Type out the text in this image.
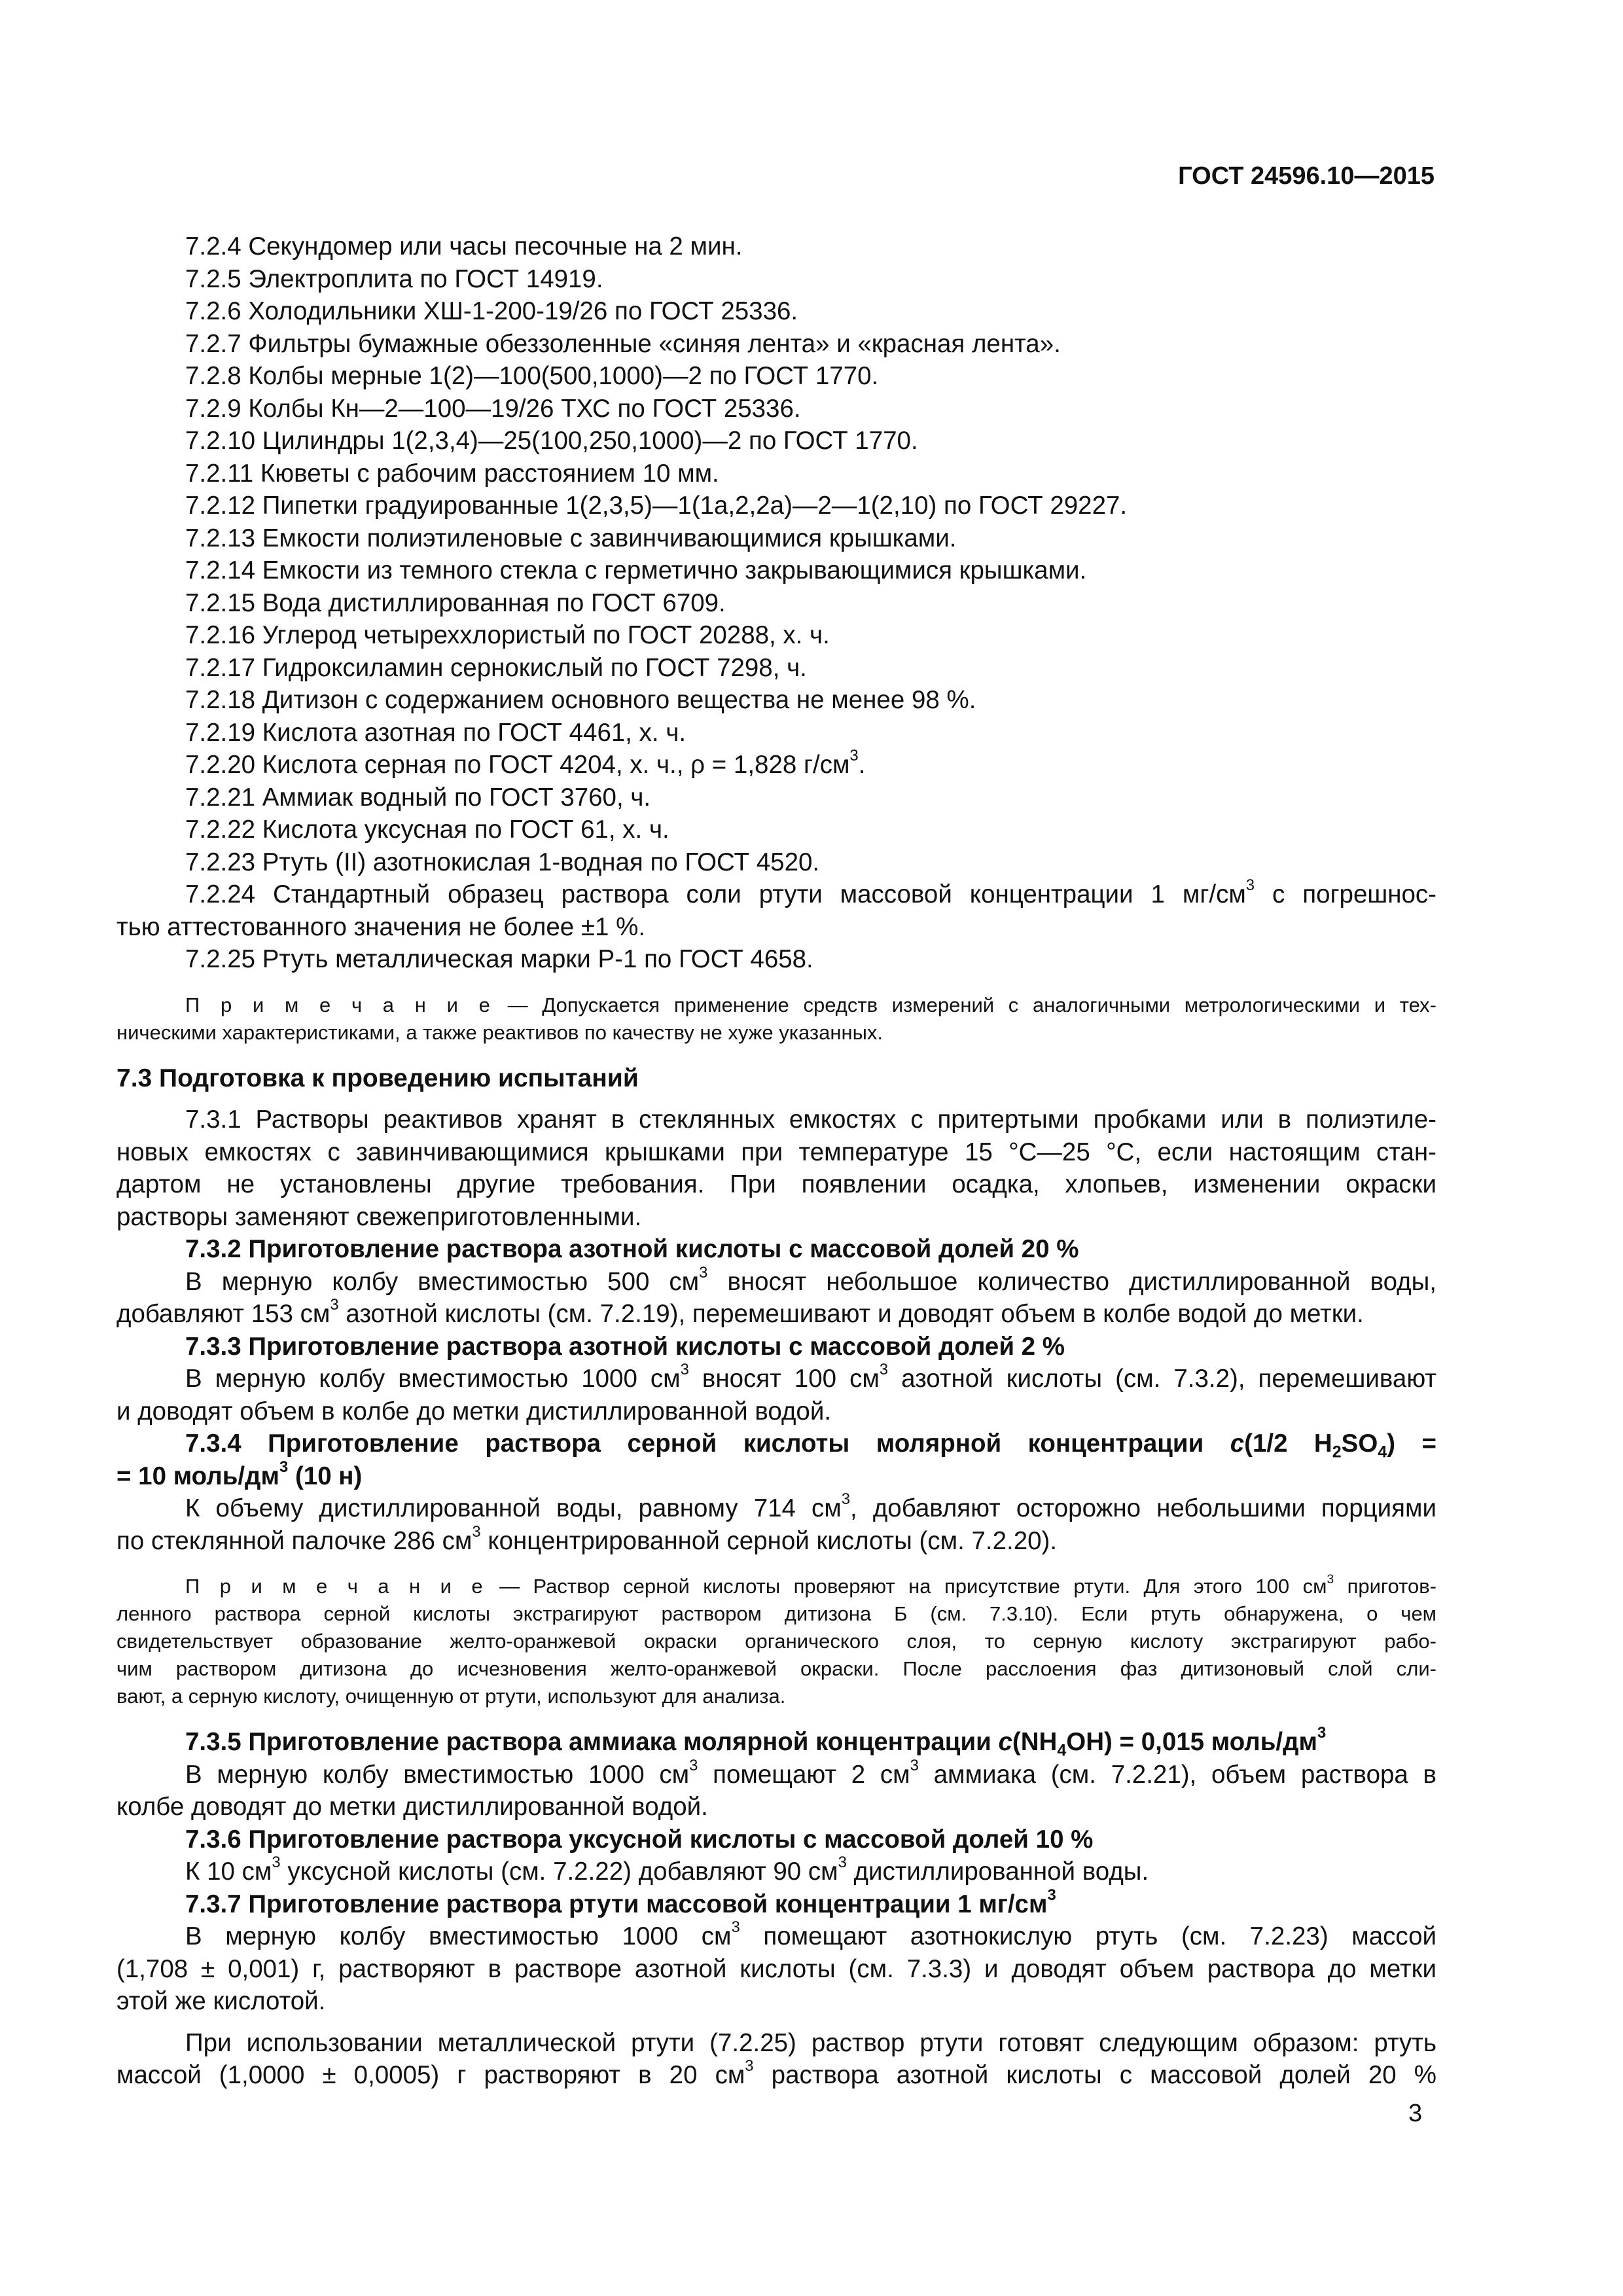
ГОСТ 24596.10—2015
7.2.4 Секундомер или часы песочные на 2 мин.
7.2.5 Электроплита по ГОСТ 14919.
7.2.6 Холодильники ХШ-1-200-19/26 по ГОСТ 25336.
7.2.7 Фильтры бумажные обеззоленные «синяя лента» и «красная лента».
7.2.8 Колбы мерные 1(2)—100(500,1000)—2 по ГОСТ 1770.
7.2.9 Колбы Кн—2—100—19/26 ТХС по ГОСТ 25336.
7.2.10 Цилиндры 1(2,3,4)—25(100,250,1000)—2 по ГОСТ 1770.
7.2.11 Кюветы с рабочим расстоянием 10 мм.
7.2.12 Пипетки градуированные 1(2,3,5)—1(1а,2,2а)—2—1(2,10) по ГОСТ 29227.
7.2.13 Емкости полиэтиленовые с завинчивающимися крышками.
7.2.14 Емкости из темного стекла с герметично закрывающимися крышками.
7.2.15 Вода дистиллированная по ГОСТ 6709.
7.2.16 Углерод четыреххлористый по ГОСТ 20288, х. ч.
7.2.17 Гидроксиламин сернокислый по ГОСТ 7298, ч.
7.2.18 Дитизон с содержанием основного вещества не менее 98 %.
7.2.19 Кислота азотная по ГОСТ 4461, х. ч.
7.2.20 Кислота серная по ГОСТ 4204, х. ч., ρ = 1,828 $г/см^3$.
7.2.21 Аммиак водный по ГОСТ 3760, ч.
7.2.22 Кислота уксусная по ГОСТ 61, х. ч.
7.2.23 Ртуть (II) азотнокислая 1-водная по ГОСТ 4520.
7.2.24 Стандартный образец раствора соли ртути массовой концентрации 1 $мг/см^3$ с погрешнос-
тью аттестованного значения не более ±1 %.
7.2.25 Ртуть металлическая марки Р-1 по ГОСТ 4658.
П р и м е ч а н и е — Допускается применение средств измерений с аналогичными метрологическими и тех-
ническими характеристиками, а также реактивов по качеству не хуже указанных.
7.3 Подготовка к проведению испытаний
7.3.1 Растворы реактивов хранят в стеклянных емкостях с притертыми пробками или в полиэтиле-
новых емкостях с завинчивающимися крышками при температуре 15 °С—25 °С, если настоящим стан-
дартом не установлены другие требования. При появлении осадка, хлопьев, изменении окраски
растворы заменяют свежеприготовленными.
7.3.2 Приготовление раствора азотной кислоты с массовой долей 20 %
В мерную колбу вместимостью 500 $см^3$ вносят небольшое количество дистиллированной воды,
добавляют 153 $см^3$ азотной кислоты (см. 7.2.19), перемешивают и доводят объем в колбе водой до метки.
7.3.3 Приготовление раствора азотной кислоты с массовой долей 2 %
В мерную колбу вместимостью 1000 $см^3$ вносят 100 $см^3$ азотной кислоты (см. 7.3.2), перемешивают
и доводят объем в колбе до метки дистиллированной водой.
7.3.4 Приготовление раствора серной кислоты молярной концентрации c(1/2 $H_2SO_4$) =
= 10 моль/$дм^3$ (10 н)
К объему дистиллированной воды, равному 714 $см^3$, добавляют осторожно небольшими порциями
по стеклянной палочке 286 $см^3$ концентрированной серной кислоты (см. 7.2.20).
П р и м е ч а н и е — Раствор серной кислоты проверяют на присутствие ртути. Для этого 100 $см^3$ приготов-
ленного раствора серной кислоты экстрагируют раствором дитизона Б (см. 7.3.10). Если ртуть обнаружена, о чем
свидетельствует образование желто-оранжевой окраски органического слоя, то серную кислоту экстрагируют рабо-
чим раствором дитизона до исчезновения желто-оранжевой окраски. После расслоения фаз дитизоновый слой сли-
вают, а серную кислоту, очищенную от ртути, используют для анализа.
7.3.5 Приготовление раствора аммиака молярной концентрации $c(NH_4OH) = 0,015$ моль/$дм^3$
В мерную колбу вместимостью 1000 $см^3$ помещают 2 $см^3$ аммиака (см. 7.2.21), объем раствора в
колбе доводят до метки дистиллированной водой.
7.3.6 Приготовление раствора уксусной кислоты с массовой долей 10 %
К 10 $см^3$ уксусной кислоты (см. 7.2.22) добавляют 90 $см^3$ дистиллированной воды.
7.3.7 Приготовление раствора ртути массовой концентрации 1 $мг/см^3$
В мерную колбу вместимостью 1000 $см^3$ помещают азотнокислую ртуть (см. 7.2.23) массой
(1,708 ± 0,001) г, растворяют в растворе азотной кислоты (см. 7.3.3) и доводят объем раствора до метки
этой же кислотой.
При использовании металлической ртути (7.2.25) раствор ртути готовят следующим образом: ртуть
массой (1,0000 ± 0,0005) г растворяют в 20 $см^3$ раствора азотной кислоты с массовой долей 20 %
3
